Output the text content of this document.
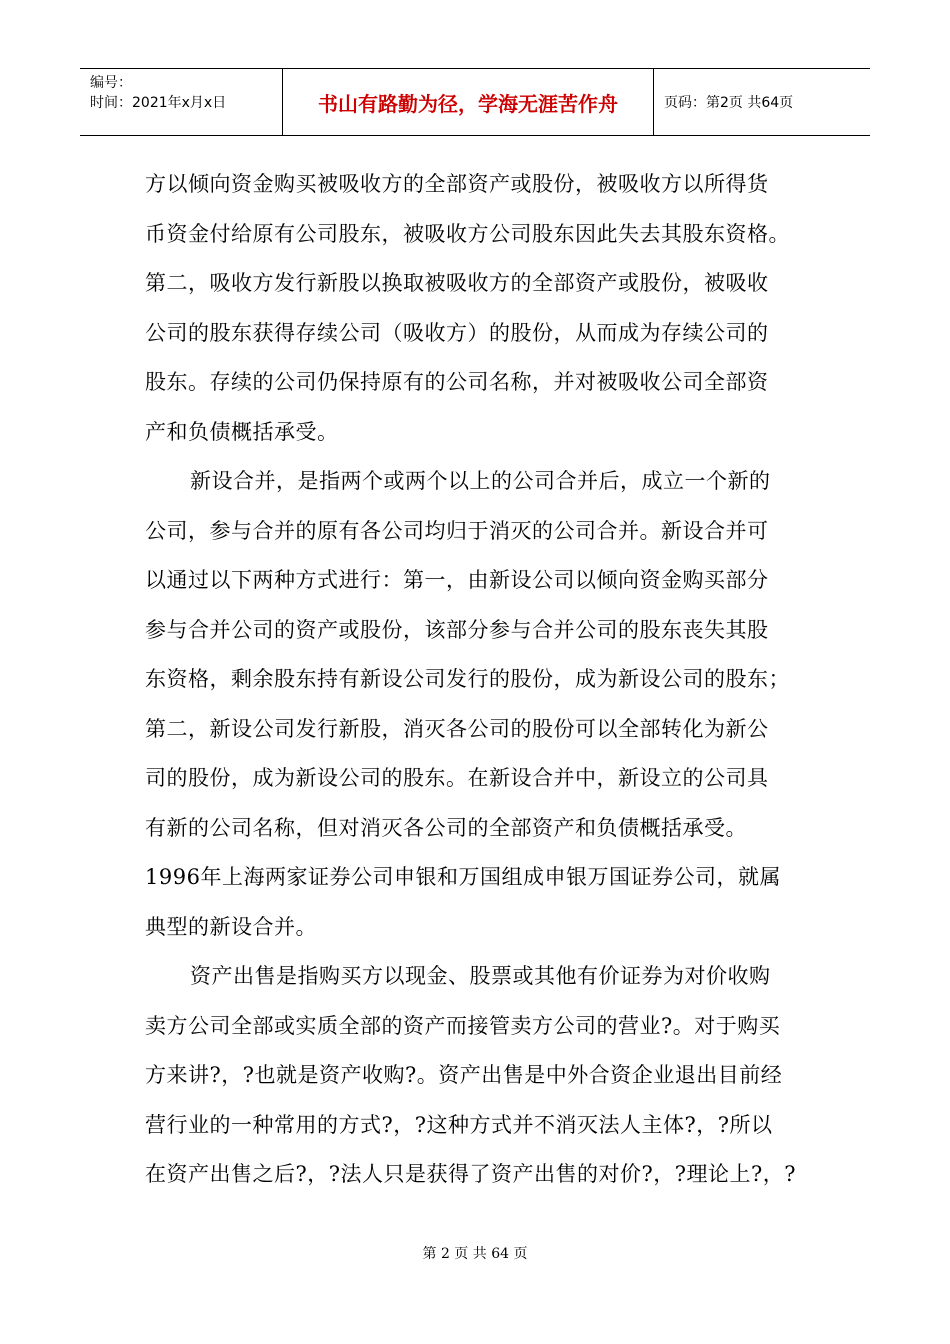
编号：
时间：2021年x月x日	书山有路勤为径，学海无涯苦作舟	页码：第2页 共64页
方以倾向资金购买被吸收方的全部资产或股份，被吸收方以所得货
币资金付给原有公司股东，被吸收方公司股东因此失去其股东资格。
第二，吸收方发行新股以换取被吸收方的全部资产或股份，被吸收
公司的股东获得存续公司（吸收方）的股份，从而成为存续公司的
股东。存续的公司仍保持原有的公司名称，并对被吸收公司全部资
产和负债概括承受。
新设合并，是指两个或两个以上的公司合并后，成立一个新的
公司，参与合并的原有各公司均归于消灭的公司合并。新设合并可
以通过以下两种方式进行：第一，由新设公司以倾向资金购买部分
参与合并公司的资产或股份，该部分参与合并公司的股东丧失其股
东资格，剩余股东持有新设公司发行的股份，成为新设公司的股东；
第二，新设公司发行新股，消灭各公司的股份可以全部转化为新公
司的股份，成为新设公司的股东。在新设合并中，新设立的公司具
有新的公司名称，但对消灭各公司的全部资产和负债概括承受。
1996年上海两家证券公司申银和万国组成申银万国证券公司，就属
典型的新设合并。
资产出售是指购买方以现金、股票或其他有价证券为对价收购
卖方公司全部或实质全部的资产而接管卖方公司的营业?。对于购买
方来讲?，?也就是资产收购?。资产出售是中外合资企业退出目前经
营行业的一种常用的方式?，?这种方式并不消灭法人主体?，?所以
在资产出售之后?，?法人只是获得了资产出售的对价?，?理论上?，?
第 2 页 共 64 页
